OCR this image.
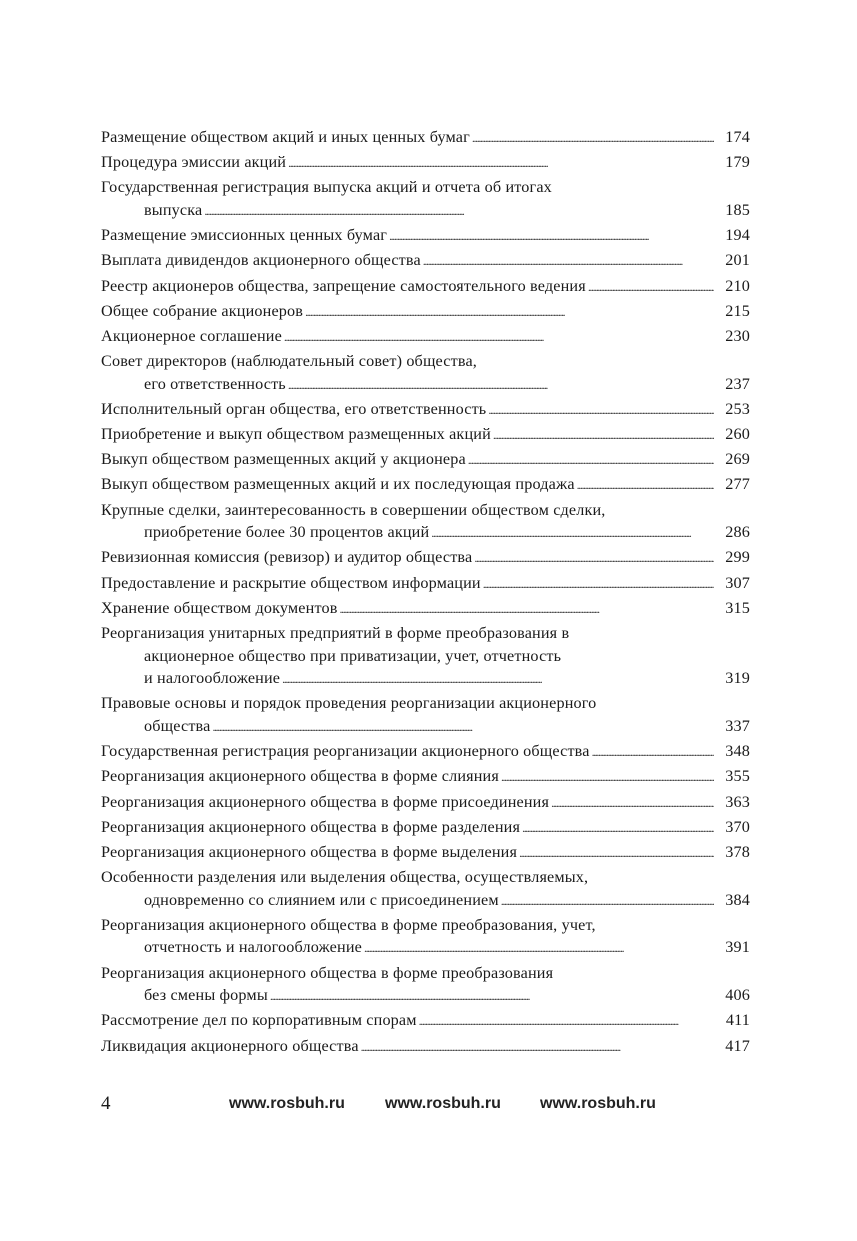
Размещение обществом акций и иных ценных бумаг . . .	174
Процедура эмиссии акций . . .	179
Государственная регистрация выпуска акций и отчета об итогах
выпуска . . .	185
Размещение эмиссионных ценных бумаг . . .	194
Выплата дивидендов акционерного общества . . .	201
Реестр акционеров общества, запрещение самостоятельного ведения . . .	210
Общее собрание акционеров . . .	215
Акционерное соглашение . . .	230
Совет директоров (наблюдательный совет) общества,
его ответственность . . .	237
Исполнительный орган общества, его ответственность . . .	253
Приобретение и выкуп обществом размещенных акций . . .	260
Выкуп обществом размещенных акций у акционера . . .	269
Выкуп обществом размещенных акций и их последующая продажа . . .	277
Крупные сделки, заинтересованность в совершении обществом сделки,
приобретение более 30 процентов акций . . .	286
Ревизионная комиссия (ревизор) и аудитор общества . . .	299
Предоставление и раскрытие обществом информации . . .	307
Хранение обществом документов . . .	315
Реорганизация унитарных предприятий в форме преобразования в
акционерное общество при приватизации, учет, отчетность
и налогообложение . . .	319
Правовые основы и порядок проведения реорганизации акционерного
общества . . .	337
Государственная регистрация реорганизации акционерного общества . . .	348
Реорганизация акционерного общества в форме слияния . . .	355
Реорганизация акционерного общества в форме присоединения . . .	363
Реорганизация акционерного общества в форме разделения . . .	370
Реорганизация акционерного общества в форме выделения . . .	378
Особенности разделения или выделения общества, осуществляемых,
одновременно со слиянием или с присоединением . . .	384
Реорганизация акционерного общества в форме преобразования, учет,
отчетность и налогообложение . . .	391
Реорганизация акционерного общества в форме преобразования
без смены формы . . .	406
Рассмотрение дел по корпоративным спорам . . .	411
Ликвидация акционерного общества . . .	417
4	www.rosbuh.ru	www.rosbuh.ru www.rosbuh.ru
